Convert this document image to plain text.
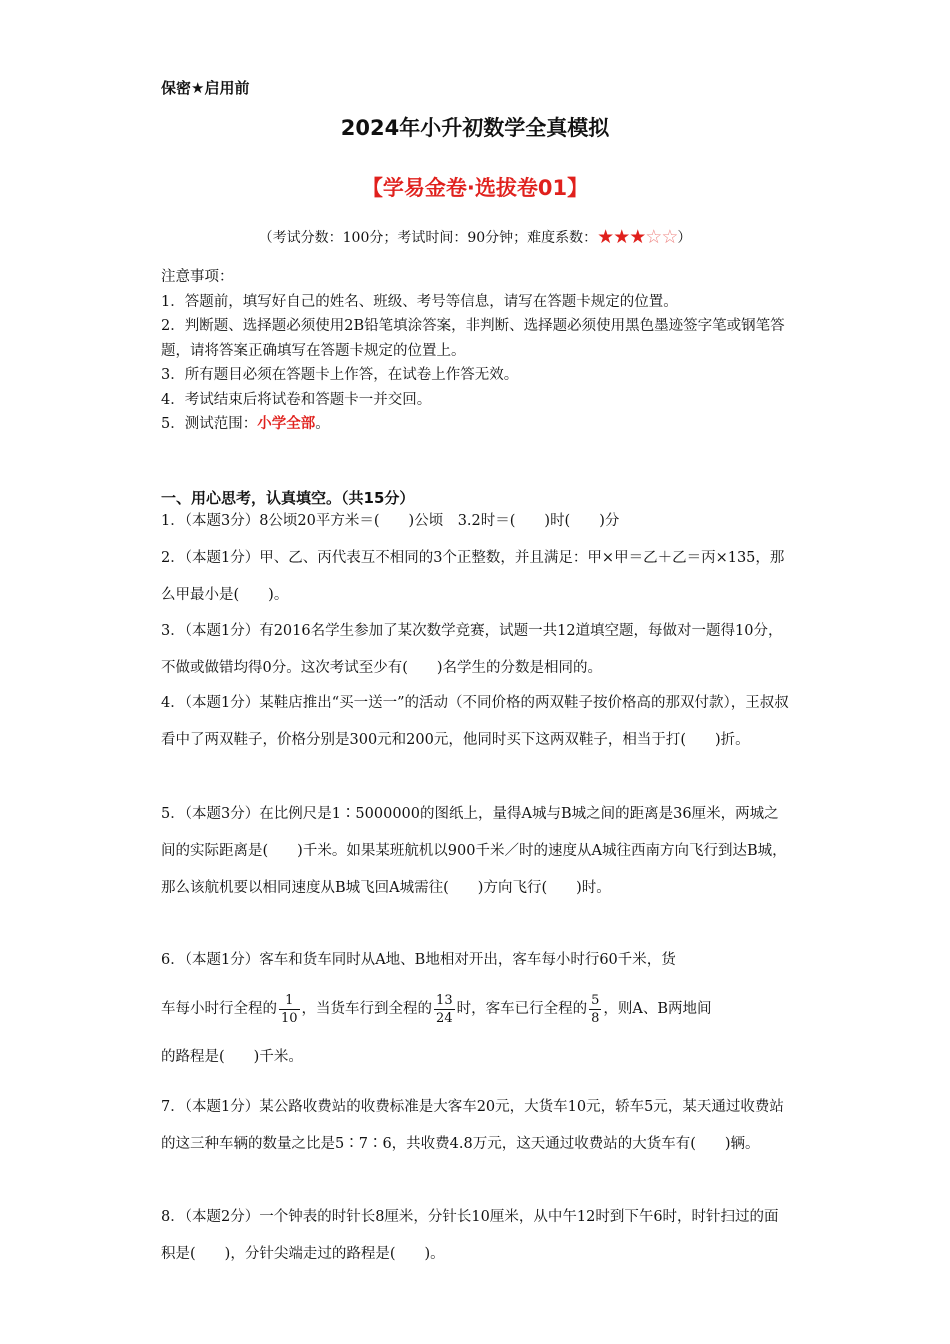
保密★启用前
2024年小升初数学全真模拟
【学易金卷·选拔卷01】
（考试分数：100分；考试时间：90分钟；难度系数：★★★☆☆）

注意事项：

1．答题前，填写好自己的姓名、班级、考号等信息，请写在答题卡规定的位置。

2．判断题、选择题必须使用2B铅笔填涂答案，非判断、选择题必须使用黑色墨迹签字笔或钢笔答题，请将答案正确填写在答题卡规定的位置上。

3．所有题目必须在答题卡上作答，在试卷上作答无效。

4．考试结束后将试卷和答题卡一并交回。

5．测试范围：小学全部。

一、用心思考，认真填空。（共15分）

1．（本题3分）8公顷20平方米＝(　　)公顷　3.2时＝(　　)时(　　)分

2．（本题1分）甲、乙、丙代表互不相同的3个正整数，并且满足：甲×甲＝乙＋乙＝丙×135，那么甲最小是(　　)。

3．（本题1分）有2016名学生参加了某次数学竞赛，试题一共12道填空题，每做对一题得10分，不做或做错均得0分。这次考试至少有(　　)名学生的分数是相同的。

4．（本题1分）某鞋店推出“买一送一”的活动（不同价格的两双鞋子按价格高的那双付款），王叔叔看中了两双鞋子，价格分别是300元和200元，他同时买下这两双鞋子，相当于打(　　)折。

5．（本题3分）在比例尺是1∶5000000的图纸上，量得A城与B城之间的距离是36厘米，两城之间的实际距离是(　　)千米。如果某班航机以900千米／时的速度从A城往西南方向飞行到达B城，那么该航机要以相同速度从B城飞回A城需往(　　)方向飞行(　　)时。

6．（本题1分）客车和货车同时从A地、B地相对开出，客车每小时行60千米，货

车每小时行全程的 $\frac{1}{10}$ ，当货车行到全程的 $\frac{13}{24}$ 时，客车已行全程的 $\frac{5}{8}$ ，则A、B两地间

的路程是(　　)千米。

7．（本题1分）某公路收费站的收费标准是大客车20元，大货车10元，轿车5元，某天通过收费站的这三种车辆的数量之比是5∶7∶6，共收费4.8万元，这天通过收费站的大货车有(　　)辆。

8．（本题2分）一个钟表的时针长8厘米，分针长10厘米，从中午12时到下午6时，时针扫过的面积是(　　)，分针尖端走过的路程是(　　)。
